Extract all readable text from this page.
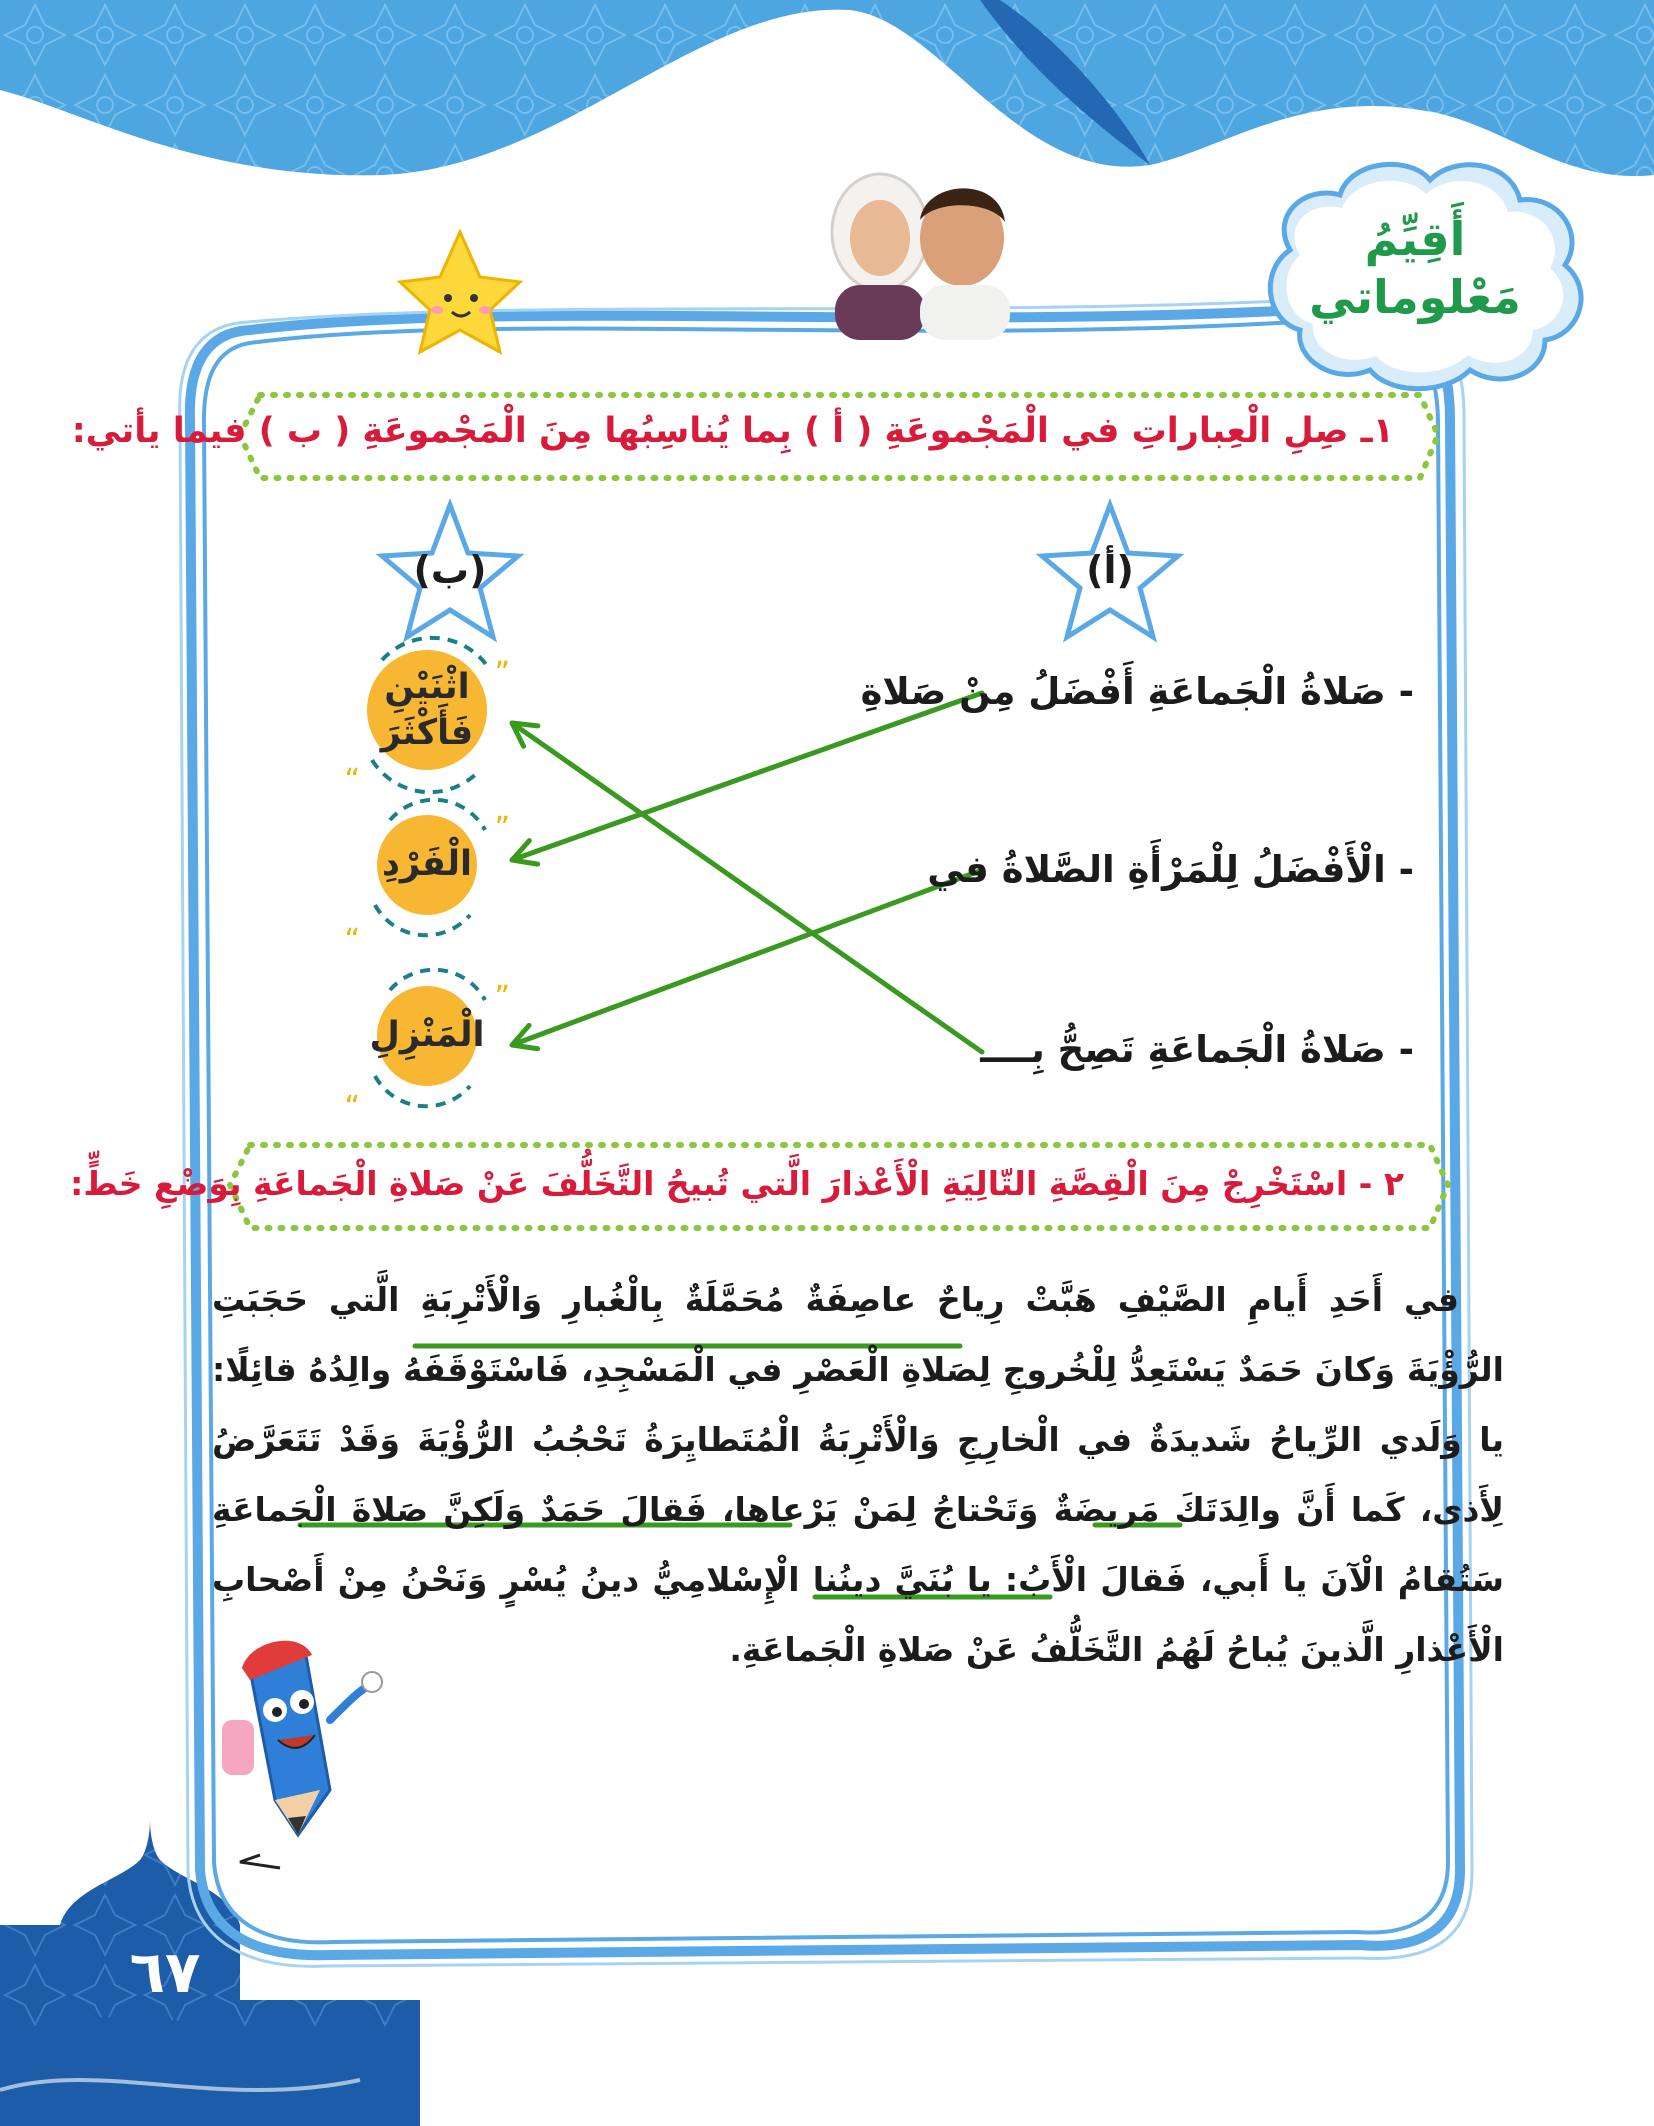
”
“
”
“
”
“
أَقِيِّمُ
مَعْلوماتي
١ـ صِلِ الْعِباراتِ في الْمَجْموعَةِ ( أ ) بِما يُناسِبُها مِنَ الْمَجْموعَةِ ( ب ) فيما يأتي:
(أ)
(ب)
- صَلاةُ الْجَماعَةِ أَفْضَلُ مِنْ صَلاةِ
- الْأَفْضَلُ لِلْمَرْأَةِ الصَّلاةُ في
- صَلاةُ الْجَماعَةِ تَصِحُّ بِــــ
اثْنَيْنِ فَأَكْثَرَ
الْفَرْدِ
الْمَنْزِلِ
٢ - اسْتَخْرِجْ مِنَ الْقِصَّةِ التّالِيَةِ الْأَعْذارَ الَّتي تُبيحُ التَّخَلُّفَ عَنْ صَلاةِ الْجَماعَةِ بِوَضْعِ خَطٍّ:

في أَحَدِ أَيامِ الصَّيْفِ هَبَّتْ رِياحٌ عاصِفَةٌ مُحَمَّلَةٌ بِالْغُبارِ وَالْأَتْرِبَةِ الَّتي حَجَبَتِ الرُّؤْيَةَ وَكانَ حَمَدٌ يَسْتَعِدُّ لِلْخُروجِ لِصَلاةِ الْعَصْرِ في الْمَسْجِدِ، فَاسْتَوْقَفَهُ والِدُهُ قائِلًا: يا وَلَدي الرِّياحُ شَديدَةٌ في الْخارِجِ وَالْأَتْرِبَةُ الْمُتَطايِرَةُ تَحْجُبُ الرُّؤْيَةَ وَقَدْ تَتَعَرَّضُ لِأَذى، كَما أَنَّ والِدَتَكَ مَريضَةٌ وَتَحْتاجُ لِمَنْ يَرْعاها، فَقالَ حَمَدٌ وَلَكِنَّ صَلاةَ الْجَماعَةِ سَتُقامُ الْآنَ يا أَبي، فَقالَ الْأَبُ: يا بُنَيَّ دينُنا الْإِسْلامِيُّ دينُ يُسْرٍ وَنَحْنُ مِنْ أَصْحابِ الْأَعْذارِ الَّذينَ يُباحُ لَهُمُ التَّخَلُّفُ عَنْ صَلاةِ الْجَماعَةِ.

٦٧
